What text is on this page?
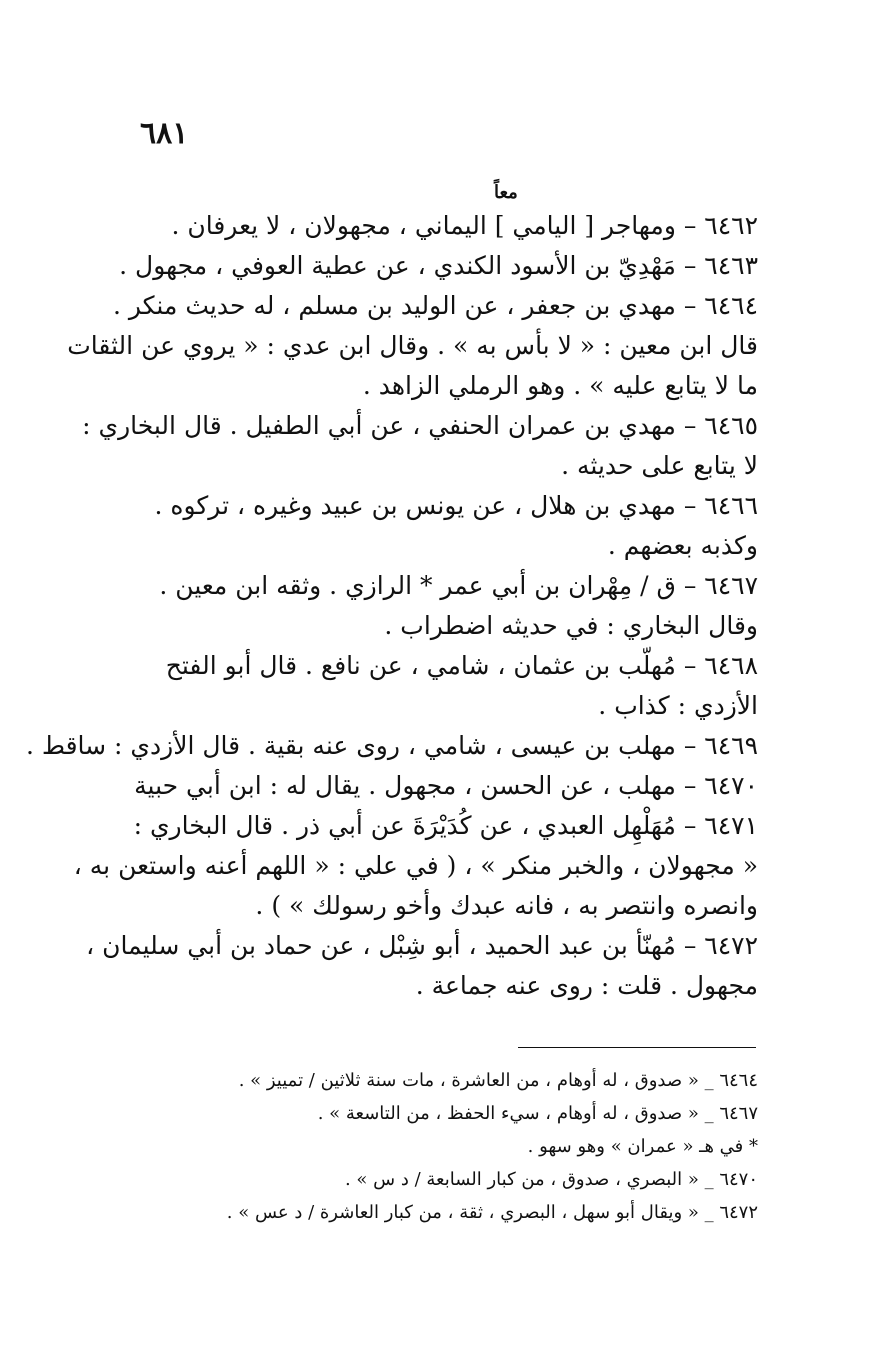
٦٨١
معاً
٦٤٦٢ – ومهاجر [ اليامي ] اليماني ، مجهولان ، لا يعرفان .
٦٤٦٣ – مَهْدِيّ بن الأسود الكندي ، عن عطية العوفي ، مجهول .
٦٤٦٤ – مهدي بن جعفر ، عن الوليد بن مسلم ، له حديث منكر .
قال ابن معين : « لا بأس به » . وقال ابن عدي : « يروي عن الثقات
ما لا يتابع عليه » . وهو الرملي الزاهد .
٦٤٦٥ – مهدي بن عمران الحنفي ، عن أبي الطفيل . قال البخاري :
لا يتابع على حديثه .
٦٤٦٦ – مهدي بن هلال ، عن يونس بن عبيد وغيره ، تركوه .
وكذبه بعضهم .
٦٤٦٧ – ق / مِهْران بن أبي عمر * الرازي . وثقه ابن معين .
وقال البخاري : في حديثه اضطراب .
٦٤٦٨ – مُهلّب بن عثمان ، شامي ، عن نافع . قال أبو الفتح
الأزدي : كذاب .
٦٤٦٩ – مهلب بن عيسى ، شامي ، روى عنه بقية . قال الأزدي : ساقط .
٦٤٧٠ – مهلب ، عن الحسن ، مجهول . يقال له : ابن أبي حبية
٦٤٧١ – مُهَلْهِل العبدي ، عن كُدَيْرَةَ عن أبي ذر . قال البخاري :
« مجهولان ، والخبر منكر » ، ( في علي : « اللهم أعنه واستعن به ،
وانصره وانتصر به ، فانه عبدك وأخو رسولك » ) .
٦٤٧٢ – مُهنّأ بن عبد الحميد ، أبو شِبْل ، عن حماد بن أبي سليمان ،
مجهول . قلت : روى عنه جماعة .
٦٤٦٤ _ « صدوق ، له أوهام ، من العاشرة ، مات سنة ثلاثين / تمييز » .
٦٤٦٧ _ « صدوق ، له أوهام ، سيء الحفظ ، من التاسعة » .
* في هـ « عمران » وهو سهو .
٦٤٧٠ _ « البصري ، صدوق ، من كبار السابعة / د س » .
٦٤٧٢ _ « ويقال أبو سهل ، البصري ، ثقة ، من كبار العاشرة / د عس » .
